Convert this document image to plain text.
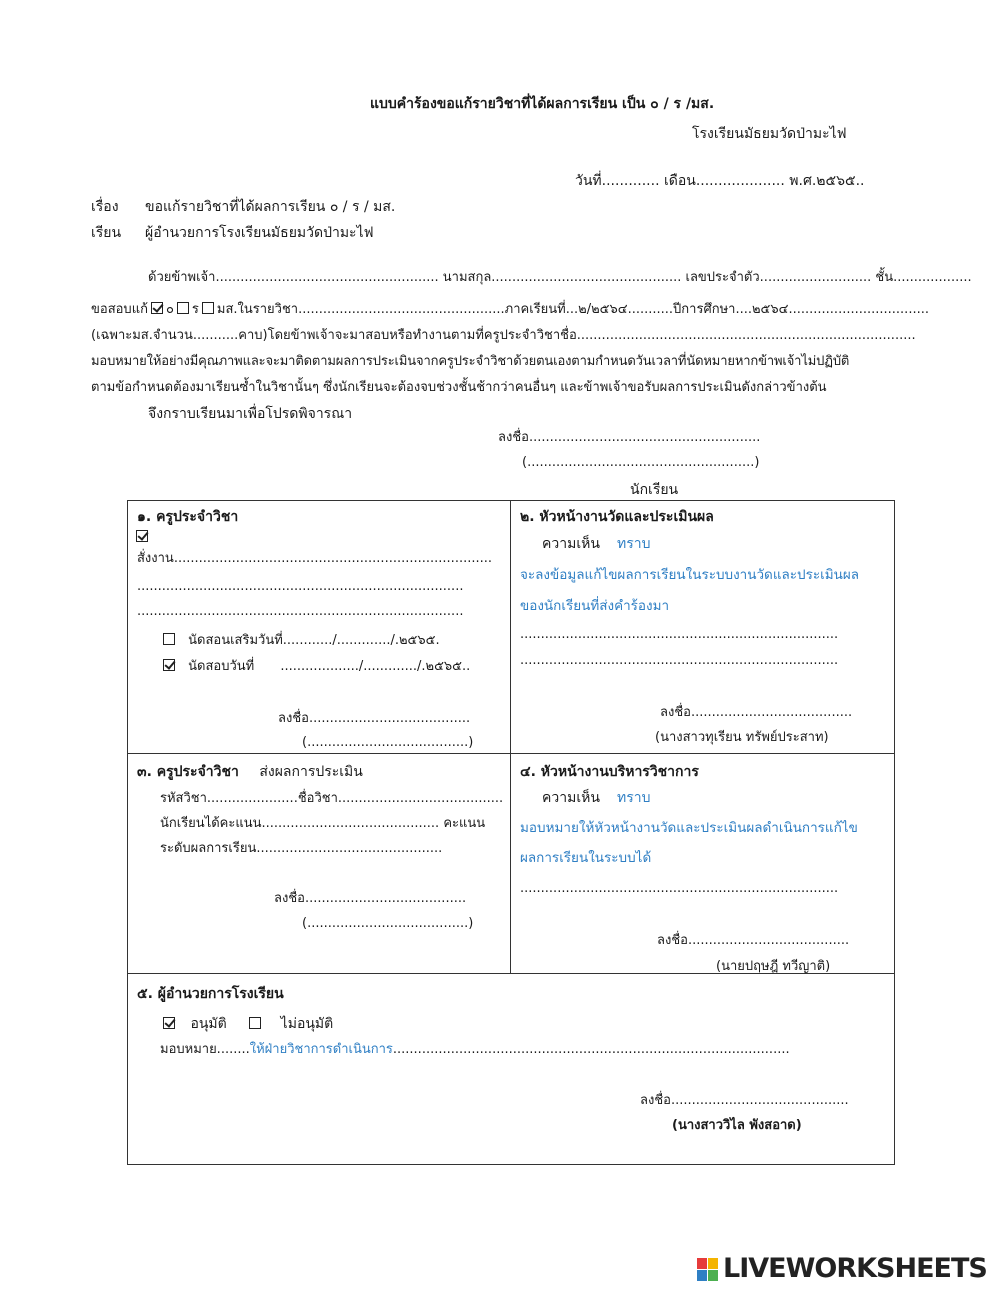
แบบคำร้องขอแก้รายวิชาที่ได้ผลการเรียน เป็น ๐ / ร /มส.
โรงเรียนมัธยมวัดป่ามะไฟ
วันที่............. เดือน.................... พ.ศ.๒๕๖๕..
เรื่อง ขอแก้รายวิชาที่ได้ผลการเรียน ๐ / ร / มส.
เรียน ผู้อำนวยการโรงเรียนมัธยมวัดป่ามะไฟ
ด้วยข้าพเจ้า...................................................... นามสกุล.............................................. เลขประจำตัว........................... ชั้น...................
ขอสอบแก้ ๐ ร มส.ในรายวิชา..................................................ภาคเรียนที่...๒/๒๕๖๔...........ปีการศึกษา....๒๕๖๔..................................
(เฉพาะมส.จำนวน...........คาบ)โดยข้าพเจ้าจะมาสอบหรือทำงานตามที่ครูประจำวิชาชื่อ..................................................................................
มอบหมายให้อย่างมีคุณภาพและจะมาติดตามผลการประเมินจากครูประจำวิชาด้วยตนเองตามกำหนดวันเวลาที่นัดหมายหากข้าพเจ้าไม่ปฏิบัติ
ตามข้อกำหนดต้องมาเรียนซ้ำในวิชานั้นๆ ซึ่งนักเรียนจะต้องจบช่วงชั้นช้ากว่าคนอื่นๆ และข้าพเจ้าขอรับผลการประเมินดังกล่าวข้างต้น
จึงกราบเรียนมาเพื่อโปรดพิจารณา
ลงชื่อ........................................................
(.......................................................)
นักเรียน
๑. ครูประจำวิชา
สั่งงาน.............................................................................
...............................................................................
...............................................................................
นัดสอนเสริมวันที่............/............./.๒๕๖๕.
นัดสอบวันที่ .................../............./.๒๕๖๕..
ลงชื่อ.......................................
(.......................................)
๒. หัวหน้างานวัดและประเมินผล
ความเห็น ทราบ
จะลงข้อมูลแก้ไขผลการเรียนในระบบงานวัดและประเมินผล
ของนักเรียนที่ส่งคำร้องมา
.............................................................................
.............................................................................
ลงชื่อ.......................................
(นางสาวทุเรียน ทรัพย์ประสาท)
๓. ครูประจำวิชา ส่งผลการประเมิน
รหัสวิชา......................ชื่อวิชา........................................
นักเรียนได้คะแนน........................................... คะแนน
ระดับผลการเรียน.............................................
ลงชื่อ.......................................
(.......................................)
๔. หัวหน้างานบริหารวิชาการ
ความเห็น ทราบ
มอบหมายให้หัวหน้างานวัดและประเมินผลดำเนินการแก้ไข
ผลการเรียนในระบบได้
.............................................................................
ลงชื่อ.......................................
(นายปฤษฎี ทวีญาติ)
๕. ผู้อำนวยการโรงเรียน
อนุมัติ	ไม่อนุมัติ
มอบหมาย........ให้ฝ่ายวิชาการดำเนินการ................................................................................................
ลงชื่อ...........................................
(นางสาววิไล พังสอาด)
LIVEWORKSHEETS
